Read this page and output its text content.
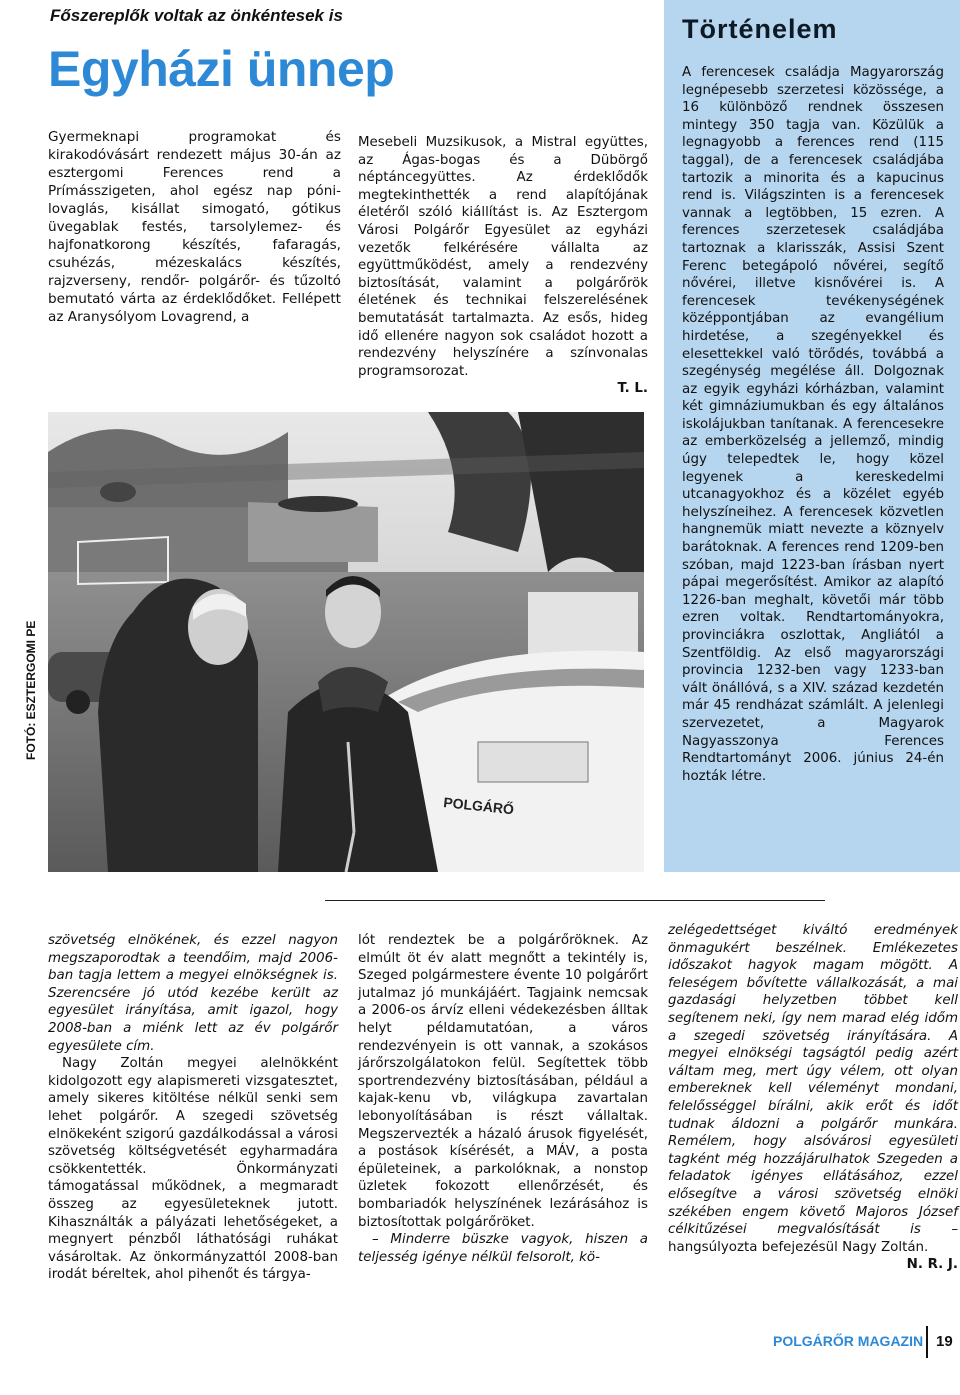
Főszereplők voltak az önkéntesek is
Egyházi ünnep

Gyermeknapi programokat és kirakodóvásárt rendezett május 30-án az esztergomi Ferences rend a Prímásszigeten, ahol egész nap póni-lovaglás, kisállat simogató, gótikus üvegablak festés, tarsolylemez- és hajfonatkorong készítés, fafaragás, csuhézás, mézeskalács készítés, rajzverseny, rendőr- polgárőr- és tűzoltó bemutató várta az érdeklődőket. Fellépett az Aranysólyom Lovagrend, a

Mesebeli Muzsikusok, a Mistral együttes, az Ágas-bogas és a Dübörgő néptáncegyüttes. Az érdeklődők megtekinthették a rend alapítójának életéről szóló kiállítást is. Az Esztergom Városi Polgárőr Egyesület az egyházi vezetők felkérésére vállalta az együttműködést, amely a rendezvény biztosítását, valamint a polgárőrök életének és technikai felszerelésének bemutatását tartalmazta. Az esős, hideg idő ellenére nagyon sok családot hozott a rendezvény helyszínére a színvonalas programsorozat.

T. L.

Történelem

A ferencesek családja Magyarország legnépesebb szerzetesi közössége, a 16 különböző rendnek összesen mintegy 350 tagja van. Közülük a legnagyobb a ferences rend (115 taggal), de a ferencesek családjába tartozik a minorita és a kapucinus rend is. Világszinten is a ferencesek vannak a legtöbben, 15 ezren. A ferences szerzetesek családjába tartoznak a klarisszák, Assisi Szent Ferenc betegápoló nővérei, segítő nővérei, illetve kisnővérei is. A ferencesek tevékenységének középpontjában az evangélium hirdetése, a szegényekkel és elesettekkel való törődés, továbbá a szegénység megélése áll. Dolgoznak az egyik egyházi kórházban, valamint két gimnáziumukban és egy általános iskolájukban tanítanak. A ferencesekre az emberközelség a jellemző, mindig úgy telepedtek le, hogy közel legyenek a kereskedelmi utcanagyokhoz és a közélet egyéb helyszíneihez. A ferencesek közvetlen hangnemük miatt nevezte a köznyelv barátoknak. A ferences rend 1209-ben szóban, majd 1223-ban írásban nyert pápai megerősítést. Amikor az alapító 1226-ban meghalt, követői már több ezren voltak. Rendtartományokra, provinciákra oszlottak, Angliától a Szentföldig. Az első magyarországi provincia 1232-ben vagy 1233-ban vált önállóvá, s a XIV. század kezdetén már 45 rendházat számlált. A jelenlegi szervezetet, a Magyarok Nagyasszonya Ferences Rendtartományt 2006. június 24-én hozták létre.

POLGÁRŐ
FOTÓ: ESZTERGOMI PE

szövetség elnökének, és ezzel nagyon megszaporodtak a teendőim, majd 2006-ban tagja lettem a megyei elnökségnek is. Szerencsére jó utód kezébe került az egyesület irányítása, amit igazol, hogy 2008-ban a miénk lett az év polgárőr egyesülete cím.

Nagy Zoltán megyei alelnökként kidolgozott egy alapismereti vizsgatesztet, amely sikeres kitöltése nélkül senki sem lehet polgárőr. A szegedi szövetség elnökeként szigorú gazdálkodással a városi szövetség költségvetését egyharmadára csökkentették. Önkormányzati támogatással működnek, a megmaradt összeg az egyesületeknek jutott. Kihasználták a pályázati lehetőségeket, a megnyert pénzből láthatósági ruhákat vásároltak. Az önkormányzattól 2008-ban irodát béreltek, ahol pihenőt és tárgya-

lót rendeztek be a polgárőröknek. Az elmúlt öt év alatt megnőtt a tekintély is, Szeged polgármestere évente 10 polgárőrt jutalmaz jó munkájáért. Tagjaink nemcsak a 2006-os árvíz elleni védekezésben álltak helyt példamutatóan, a város rendezvényein is ott vannak, a szokásos járőrszolgálatokon felül. Segítettek több sportrendezvény biztosításában, például a kajak-kenu vb, világkupa zavartalan lebonyolításában is részt vállaltak. Megszervezték a házaló árusok figyelését, a postások kísérését, a MÁV, a posta épületeinek, a parkolóknak, a nonstop üzletek fokozott ellenőrzését, és bombariadók helyszínének lezárásához is biztosítottak polgárőröket.

– Minderre büszke vagyok, hiszen a teljesség igénye nélkül felsorolt, kö-

zelégedettséget kiváltó eredmények önmagukért beszélnek. Emlékezetes időszakot hagyok magam mögött. A feleségem bővítette vállalkozását, a mai gazdasági helyzetben többet kell segítenem neki, így nem marad elég időm a szegedi szövetség irányítására. A megyei elnökségi tagságtól pedig azért váltam meg, mert úgy vélem, ott olyan embereknek kell véleményt mondani, felelősséggel bírálni, akik erőt és időt tudnak áldozni a polgárőr munkára. Remélem, hogy alsóvárosi egyesületi tagként még hozzájárulhatok Szegeden a feladatok igényes ellátásához, ezzel elősegítve a városi szövetség elnöki székében engem követő Majoros József célkitűzései megvalósítását is – hangsúlyozta befejezésül Nagy Zoltán.

N. R. J.

POLGÁRŐR MAGAZIN 19
